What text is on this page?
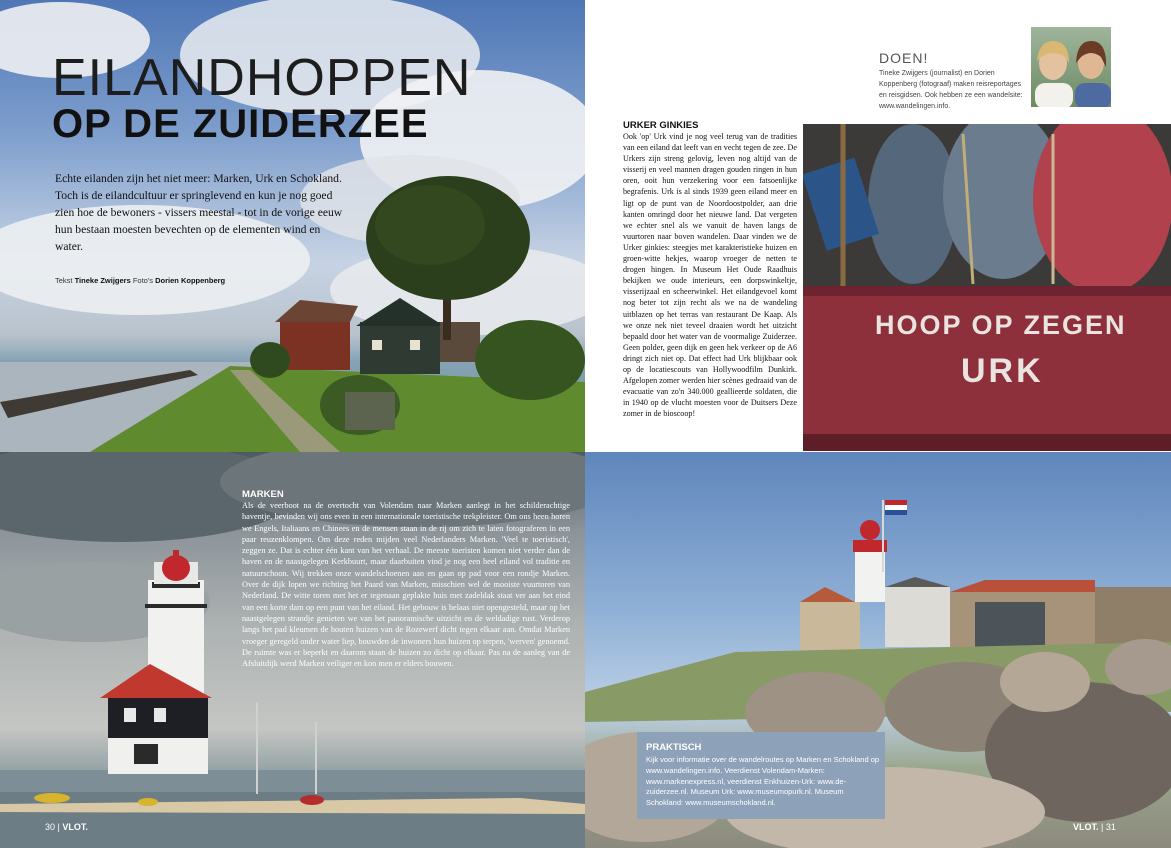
EILANDHOPPEN
OP DE ZUIDERZEE
Echte eilanden zijn het niet meer: Marken, Urk en Schokland. Toch is de eilandcultuur er springlevend en kun je nog goed zien hoe de bewoners - vissers meestal - tot in de vorige eeuw hun bestaan moesten bevechten op de elementen wind en water.
Tekst Tineke Zwijgers Foto's Dorien Koppenberg
DOEN!
Tineke Zwijgers (journalist) en Dorien Koppenberg (fotograaf) maken reisreportages en reisgidsen. Ook hebben ze een wandelsite: www.wandelingen.info.
URKER GINKIES
Ook 'op' Urk vind je nog veel terug van de tradities van een eiland dat leeft van en vecht tegen de zee. De Urkers zijn streng gelovig, leven nog altijd van de visserij en veel mannen dragen gouden ringen in hun oren, ooit hun verzekering voor een fatsoenlijke begrafenis. Urk is al sinds 1939 geen eiland meer en ligt op de punt van de Noordoostpolder, aan drie kanten omringd door het nieuwe land. Dat vergeten we echter snel als we vanuit de haven langs de vuurtoren naar boven wandelen. Daar vinden we de Urker ginkies: steegjes met karakteristieke huizen en groen-witte hekjes, waarop vroeger de netten te drogen hingen. In Museum Het Oude Raadhuis bekijken we oude interieurs, een dorpswinkeltje, visserijzaal en scheerwinkel. Het eilandgevoel komt nog beter tot zijn recht als we na de wandeling uitblazen op het terras van restaurant De Kaap. Als we onze nek niet teveel draaien wordt het uitzicht bepaald door het water van de voormalige Zuiderzee. Geen polder, geen dijk en geen hek verkeer op de A6 dringt zich niet op. Dat effect had Urk blijkbaar ook op de locatiescouts van Hollywoodfilm Dunkirk. Afgelopen zomer werden hier scènes gedraaid van de evacuatie van zo'n 340.000 geallieerde soldaten, die in 1940 op de vlucht moesten voor de Duitsers Deze zomer in de bioscoop!
HOOP OP ZEGEN
URK
MARKEN
Als de veerboot na de overtocht van Volendam naar Marken aanlegt in het schilderachtige haventje, bevinden wij ons even in een internationale toeristische trekpleister. Om ons heen horen we Engels, Italiaans en Chinees en de mensen staan in de rij om zich te laten fotograferen in een paar reuzenklompen. Om deze reden mijden veel Nederlanders Marken. 'Veel te toeristisch', zeggen ze. Dat is echter één kant van het verhaal. De meeste toeristen komen niet verder dan de haven en de naastgelegen Kerkbuurt, maar daarbuiten vind je nog een heel eiland vol traditie en natuurschoon. Wij trekken onze wandelschoenen aan en gaan op pad voor een rondje Marken. Over de dijk lopen we richting het Paard van Marken, misschien wel de mooiste vuurtoren van Nederland. De witte toren met het er tegenaan geplakte huis met zadeldak staat ver aan het eind van een korte dam op een punt van het eiland. Het gebouw is helaas niet opengesteld, maar op het naastgelegen strandje genieten we van het panoramische uitzicht en de weldadige rust. Verderop langs het pad kleumen de houten huizen van de Rozewerf dicht tegen elkaar aan. Omdat Marken vroeger geregeld onder water liep, bouwden de inwoners hun huizen op terpen, 'werven' genoemd. De ruimte was er beperkt en daarom staan de huizen zo dicht op elkaar. Pas na de aanleg van de Afsluitdijk werd Marken veiliger en kon men er elders bouwen.
30 | VLOT.
PRAKTISCH
Kijk voor informatie over de wandelroutes op Marken en Schokland op www.wandelingen.info. Veerdienst Volendam-Marken: www.markenexpress.nl, veerdienst Enkhuizen-Urk: www.de-zuiderzee.nl. Museum Urk: www.museumopurk.nl. Museum Schokland: www.museumschokland.nl.
VLOT. | 31
